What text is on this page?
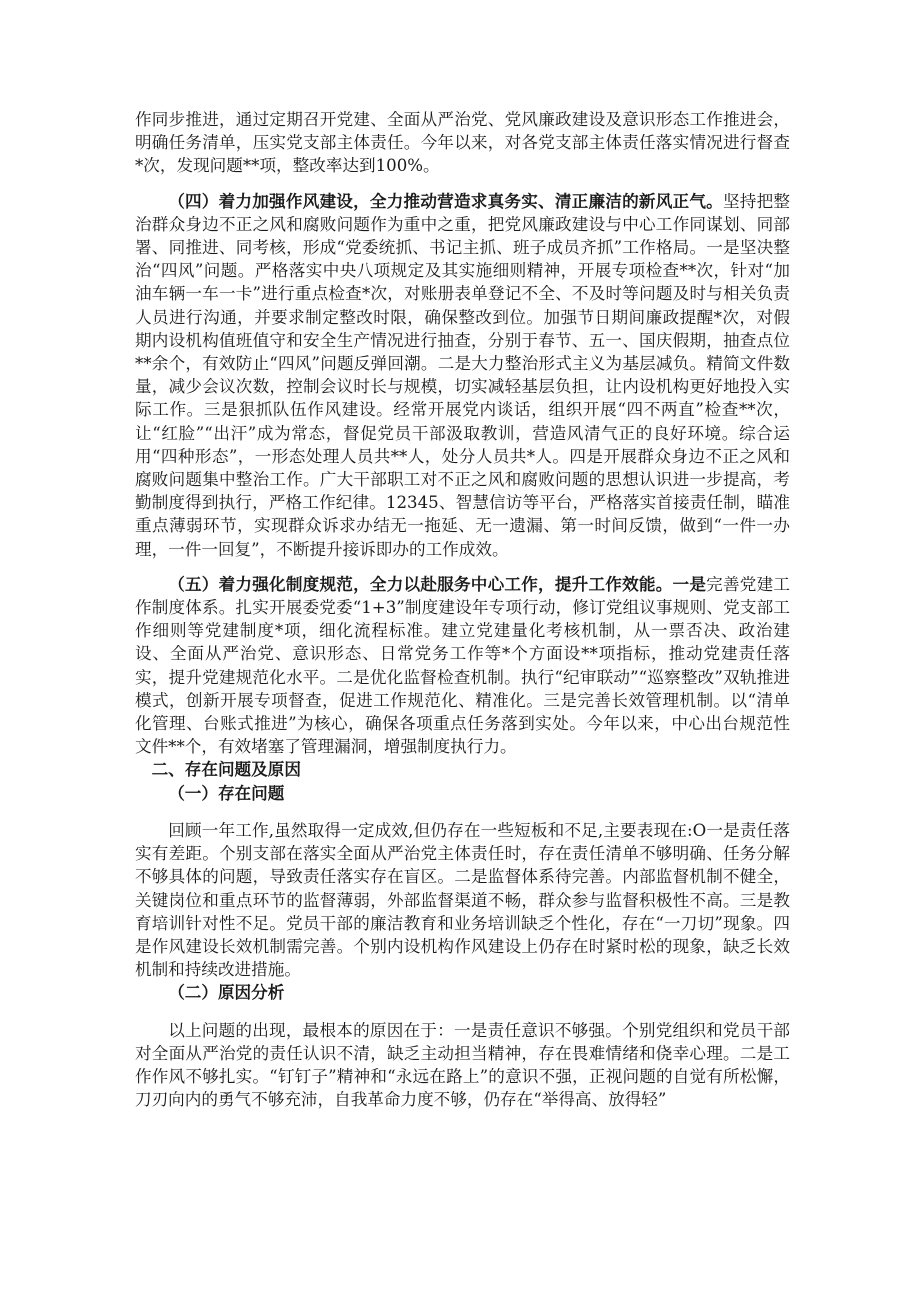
作同步推进，通过定期召开党建、全面从严治党、党风廉政建设及意识形态工作推进会，明确任务清单，压实党支部主体责任。今年以来，对各党支部主体责任落实情况进行督查*次，发现问题**项，整改率达到100%。

（四）着力加强作风建设，全力推动营造求真务实、清正廉洁的新风正气。坚持把整治群众身边不正之风和腐败问题作为重中之重，把党风廉政建设与中心工作同谋划、同部署、同推进、同考核，形成“党委统抓、书记主抓、班子成员齐抓”工作格局。一是坚决整治“四风”问题。严格落实中央八项规定及其实施细则精神，开展专项检查**次，针对“加油车辆一车一卡”进行重点检查*次，对账册表单登记不全、不及时等问题及时与相关负责人员进行沟通，并要求制定整改时限，确保整改到位。加强节日期间廉政提醒*次，对假期内设机构值班值守和安全生产情况进行抽查，分别于春节、五一、国庆假期，抽查点位**余个，有效防止“四风”问题反弹回潮。二是大力整治形式主义为基层减负。精简文件数量，减少会议次数，控制会议时长与规模，切实减轻基层负担，让内设机构更好地投入实际工作。三是狠抓队伍作风建设。经常开展党内谈话，组织开展“四不两直”检查**次，让“红脸”“出汗”成为常态，督促党员干部汲取教训，营造风清气正的良好环境。综合运用“四种形态”，一形态处理人员共**人，处分人员共*人。四是开展群众身边不正之风和腐败问题集中整治工作。广大干部职工对不正之风和腐败问题的思想认识进一步提高，考勤制度得到执行，严格工作纪律。12345、智慧信访等平台，严格落实首接责任制，瞄准重点薄弱环节，实现群众诉求办结无一拖延、无一遗漏、第一时间反馈，做到“一件一办理，一件一回复”，不断提升接诉即办的工作成效。

（五）着力强化制度规范，全力以赴服务中心工作，提升工作效能。一是完善党建工作制度体系。扎实开展委党委“1+3”制度建设年专项行动，修订党组议事规则、党支部工作细则等党建制度*项，细化流程标准。建立党建量化考核机制，从一票否决、政治建设、全面从严治党、意识形态、日常党务工作等*个方面设**项指标，推动党建责任落实，提升党建规范化水平。二是优化监督检查机制。执行“纪审联动”“巡察整改”双轨推进模式，创新开展专项督查，促进工作规范化、精准化。三是完善长效管理机制。以“清单化管理、台账式推进”为核心，确保各项重点任务落到实处。今年以来，中心出台规范性文件**个，有效堵塞了管理漏洞，增强制度执行力。

二、存在问题及原因

（一）存在问题

回顾一年工作,虽然取得一定成效,但仍存在一些短板和不足,主要表现在:O一是责任落实有差距。个别支部在落实全面从严治党主体责任时，存在责任清单不够明确、任务分解不够具体的问题，导致责任落实存在盲区。二是监督体系待完善。内部监督机制不健全，关键岗位和重点环节的监督薄弱，外部监督渠道不畅，群众参与监督积极性不高。三是教育培训针对性不足。党员干部的廉洁教育和业务培训缺乏个性化，存在“一刀切”现象。四是作风建设长效机制需完善。个别内设机构作风建设上仍存在时紧时松的现象，缺乏长效机制和持续改进措施。

（二）原因分析

以上问题的出现，最根本的原因在于：一是责任意识不够强。个别党组织和党员干部对全面从严治党的责任认识不清，缺乏主动担当精神，存在畏难情绪和侥幸心理。二是工作作风不够扎实。“钉钉子”精神和“永远在路上”的意识不强，正视问题的自觉有所松懈，刀刃向内的勇气不够充沛，自我革命力度不够，仍存在“举得高、放得轻”
